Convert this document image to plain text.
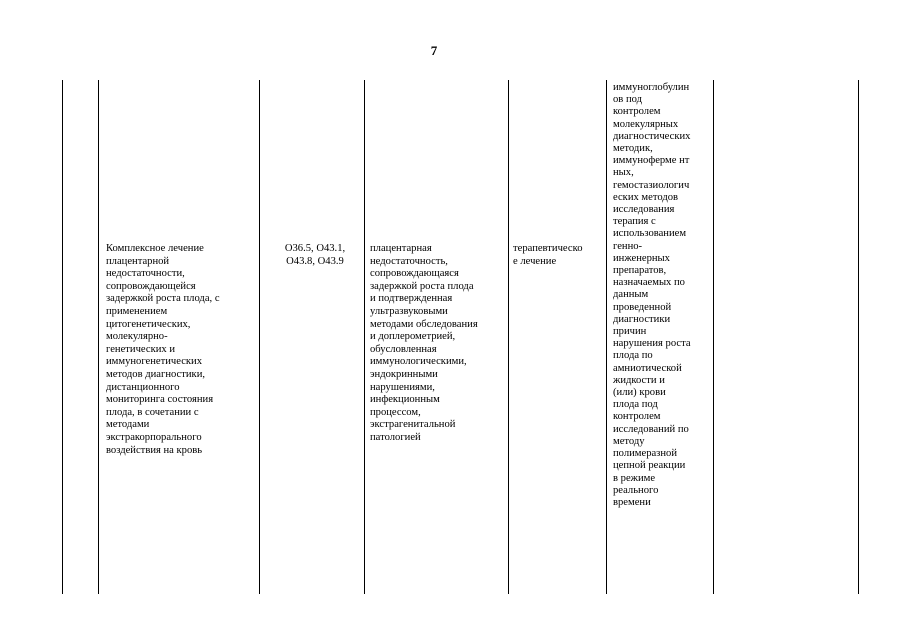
7

Комплексное лечение
плацентарной
недостаточности,
сопровождающейся
задержкой роста плода, с
применением
цитогенетических,
молекулярно-
генетических и
иммуногенетических
методов диагностики,
дистанционного
мониторинга состояния
плода, в сочетании с
методами
экстракорпорального
воздействия на кровь

O36.5, O43.1,
O43.8, O43.9

плацентарная
недостаточность,
сопровождающаяся
задержкой роста плода
и подтвержденная
ультразвуковыми
методами обследования
и доплерометрией,
обусловленная
иммунологическими,
эндокринными
нарушениями,
инфекционным
процессом,
экстрагенитальной
патологией

терапевтическо
е лечение

иммуноглобулин
ов под
контролем
молекулярных
диагностических
методик,
иммуноферме нт
ных,
гемостазиологич
еских методов
исследования
терапия с
использованием
генно-
инженерных
препаратов,
назначаемых по
данным
проведенной
диагностики
причин
нарушения роста
плода по
амниотической
жидкости и
(или) крови
плода под
контролем
исследований по
методу
полимеразной
цепной реакции
в режиме
реального
времени
